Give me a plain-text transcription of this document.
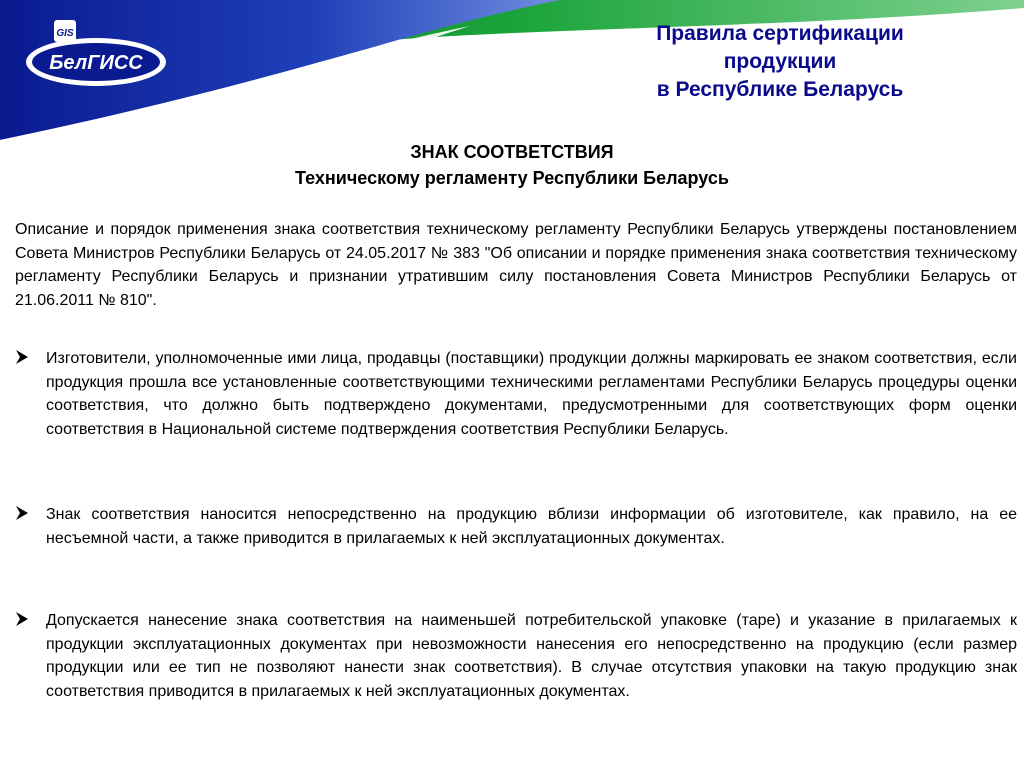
GIS
БелГИСС
Правила сертификации
продукции
в Республике Беларусь
ЗНАК СООТВЕТСТВИЯ
Техническому регламенту Республики Беларусь

Описание и порядок применения знака соответствия техническому регламенту Республики Беларусь утверждены постановлением Совета Министров Республики Беларусь от 24.05.2017 № 383 "Об описании и порядке применения знака соответствия техническому регламенту Республики Беларусь и признании утратившим силу постановления Совета Министров Республики Беларусь от 21.06.2011 № 810".

Изготовители, уполномоченные ими лица, продавцы (поставщики) продукции должны маркировать ее знаком соответствия, если продукция прошла все установленные соответствующими техническими регламентами Республики Беларусь процедуры оценки соответствия, что должно быть подтверждено документами, предусмотренными для соответствующих форм оценки соответствия в Национальной системе подтверждения соответствия Республики Беларусь.
Знак соответствия наносится непосредственно на продукцию вблизи информации об изготовителе, как правило, на ее несъемной части, а также приводится в прилагаемых к ней эксплуатационных документах.
Допускается нанесение знака соответствия на наименьшей потребительской упаковке (таре) и указание в прилагаемых к продукции эксплуатационных документах при невозможности нанесения его непосредственно на продукцию (если размер продукции или ее тип не позволяют нанести знак соответствия). В случае отсутствия упаковки на такую продукцию знак соответствия приводится в прилагаемых к ней эксплуатационных документах.
